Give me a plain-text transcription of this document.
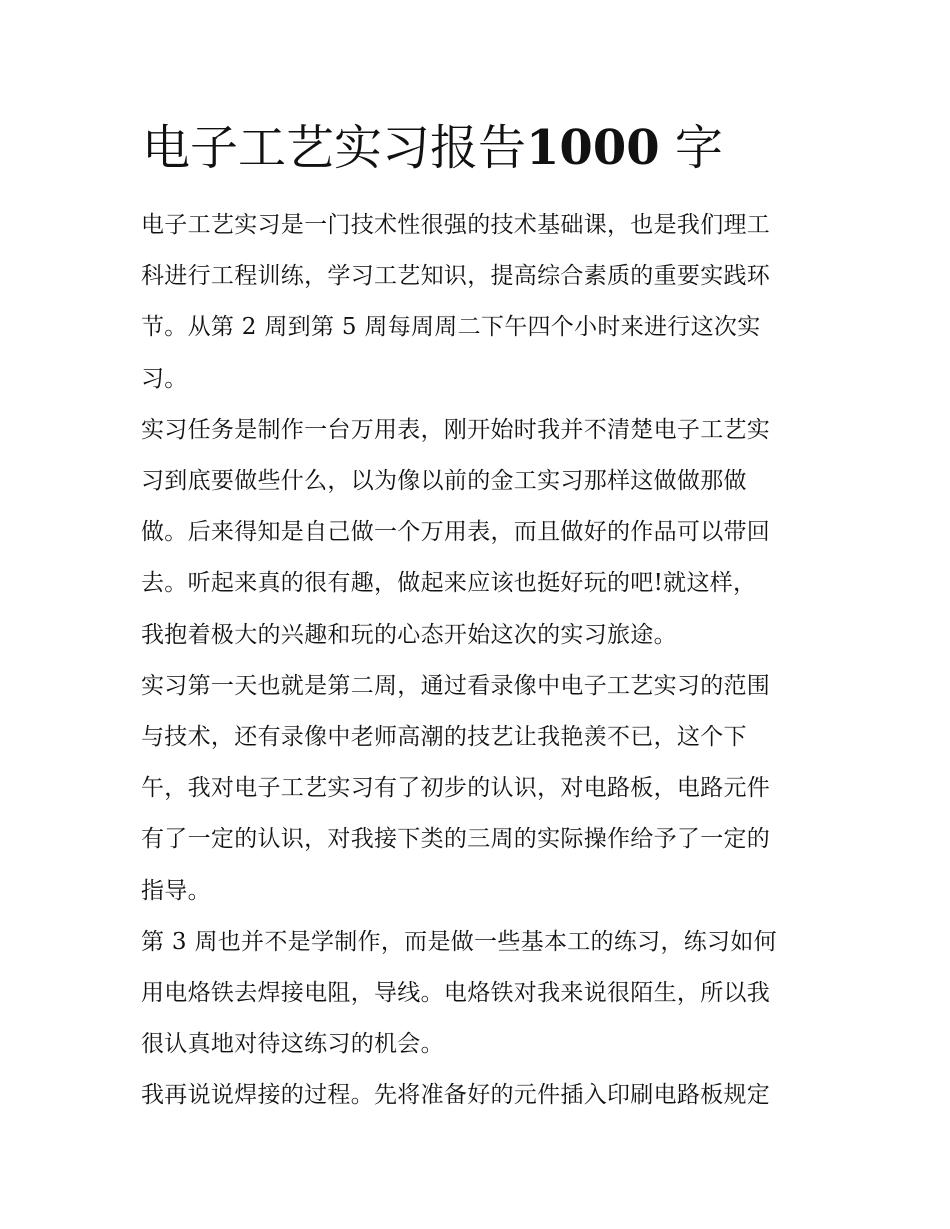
电子工艺实习报告1000 字

电子工艺实习是一门技术性很强的技术基础课，也是我们理工
科进行工程训练，学习工艺知识，提高综合素质的重要实践环
节。从第 2 周到第 5 周每周周二下午四个小时来进行这次实
习。

实习任务是制作一台万用表，刚开始时我并不清楚电子工艺实
习到底要做些什么，以为像以前的金工实习那样这做做那做
做。后来得知是自己做一个万用表，而且做好的作品可以带回
去。听起来真的很有趣，做起来应该也挺好玩的吧!就这样，
我抱着极大的兴趣和玩的心态开始这次的实习旅途。

实习第一天也就是第二周，通过看录像中电子工艺实习的范围
与技术，还有录像中老师高潮的技艺让我艳羡不已，这个下
午，我对电子工艺实习有了初步的认识，对电路板，电路元件
有了一定的认识，对我接下类的三周的实际操作给予了一定的
指导。

第 3 周也并不是学制作，而是做一些基本工的练习，练习如何
用电烙铁去焊接电阻，导线。电烙铁对我来说很陌生，所以我
很认真地对待这练习的机会。

我再说说焊接的过程。先将准备好的元件插入印刷电路板规定
